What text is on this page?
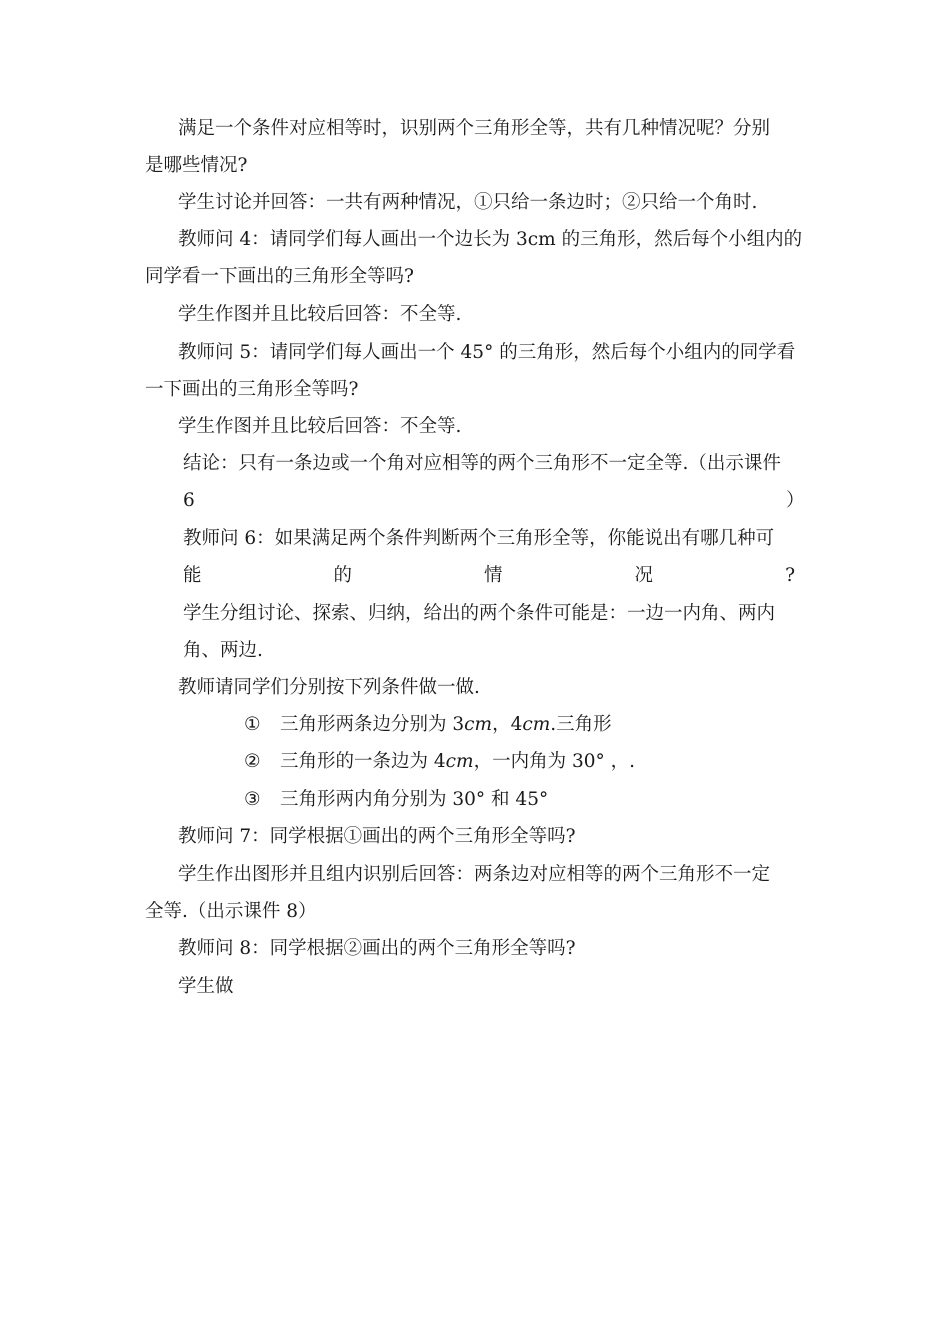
满足一个条件对应相等时，识别两个三角形全等，共有几种情况呢？分别
是哪些情况?
学生讨论并回答：一共有两种情况，①只给一条边时；②只给一个角时.
教师问 4：请同学们每人画出一个边长为 3cm 的三角形，然后每个小组内的
同学看一下画出的三角形全等吗?
学生作图并且比较后回答：不全等.
教师问 5：请同学们每人画出一个 45° 的三角形，然后每个小组内的同学看
一下画出的三角形全等吗?
学生作图并且比较后回答：不全等.
结论：只有一条边或一个角对应相等的两个三角形不一定全等.（出示课件
6	）
教师问 6：如果满足两个条件判断两个三角形全等，你能说出有哪几种可
能	的	情	况	?
学生分组讨论、探索、归纳，给出的两个条件可能是：一边一内角、两内
角、两边.
教师请同学们分别按下列条件做一做.
① 三角形两条边分别为 3cm，4cm.三角形
② 三角形的一条边为 4cm，一内角为 30° ，.
③ 三角形两内角分别为 30° 和 45°
教师问 7：同学根据①画出的两个三角形全等吗?
学生作出图形并且组内识别后回答：两条边对应相等的两个三角形不一定
全等.（出示课件 8）
教师问 8：同学根据②画出的两个三角形全等吗?
学生做
